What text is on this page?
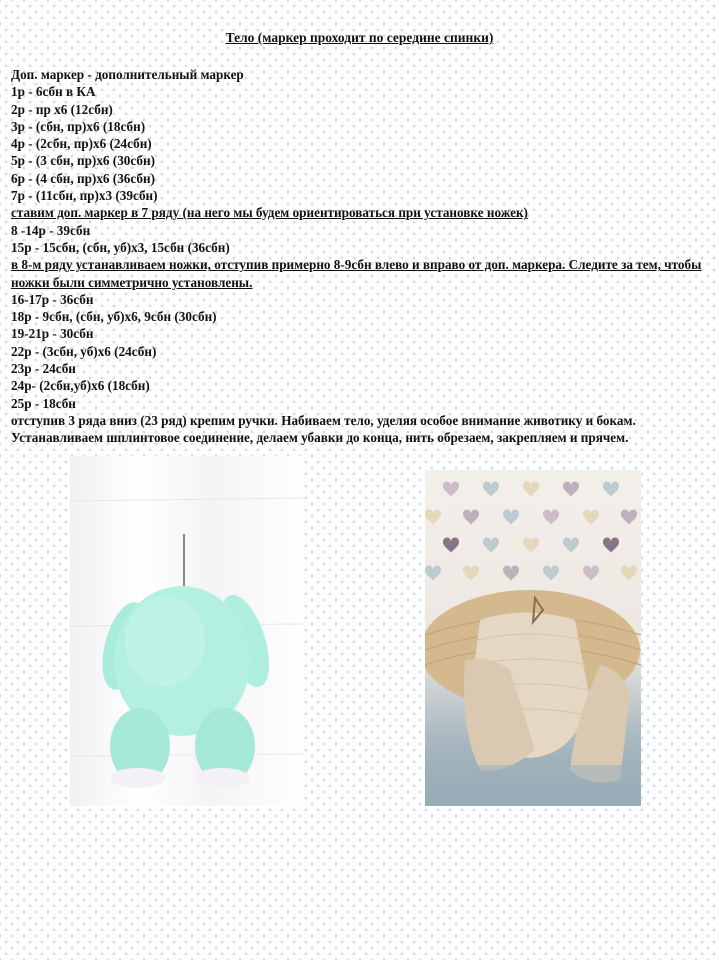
Тело (маркер проходит по середине спинки)
Доп. маркер - дополнительный маркер
1р - 6сбн в КА
2р - пр х6 (12сбн)
3р - (сбн, пр)х6 (18сбн)
4р - (2сбн, пр)х6 (24сбн)
5р - (3 сбн, пр)х6 (30сбн)
6р - (4 сбн, пр)х6 (36сбн)
7р - (11сбн, пр)х3 (39сбн)
ставим доп. маркер в 7 ряду (на него мы будем ориентироваться при установке ножек)
8 -14р - 39сбн
15р - 15сбн, (сбн, уб)х3, 15сбн (36сбн)
в 8-м ряду устанавливаем ножки, отступив примерно 8-9сбн влево и вправо от доп. маркера. Следите за тем, чтобы ножки были симметрично установлены.
16-17р - 36сбн
18р - 9сбн, (сбн, уб)х6, 9сбн (30сбн)
19-21р - 30сбн
22р - (3сбн, уб)х6 (24сбн)
23р - 24сбн
24р- (2сбн,уб)х6 (18сбн)
25р - 18сбн
отступив 3 ряда вниз (23 ряд) крепим ручки. Набиваем тело, уделяя особое внимание животику и бокам.
Устанавливаем шплинтовое соединение, делаем убавки до конца, нить обрезаем, закрепляем и прячем.
